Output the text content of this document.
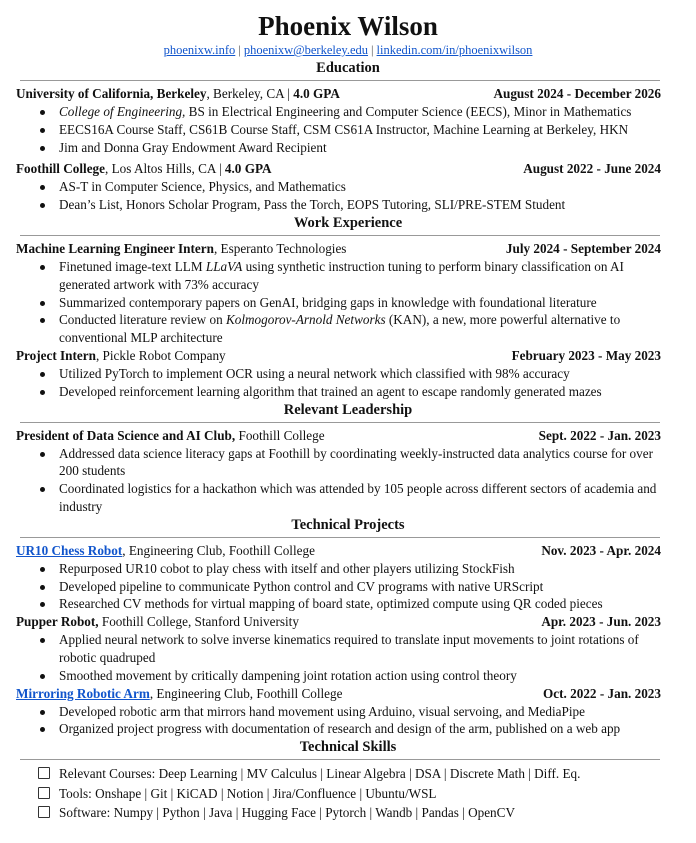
Phoenix Wilson
phoenixw.info | phoenixw@berkeley.edu | linkedin.com/in/phoenixwilson
Education
University of California, Berkeley, Berkeley, CA | 4.0 GPA	August 2024 - December 2026
College of Engineering, BS in Electrical Engineering and Computer Science (EECS), Minor in Mathematics
EECS16A Course Staff, CS61B Course Staff, CSM CS61A Instructor, Machine Learning at Berkeley, HKN
Jim and Donna Gray Endowment Award Recipient
Foothill College, Los Altos Hills, CA | 4.0 GPA	August 2022 - June 2024
AS-T in Computer Science, Physics, and Mathematics
Dean’s List, Honors Scholar Program, Pass the Torch, EOPS Tutoring, SLI/PRE-STEM Student
Work Experience
Machine Learning Engineer Intern, Esperanto Technologies	July 2024 - September 2024
Finetuned image-text LLM LLaVA using synthetic instruction tuning to perform binary classification on AI generated artwork with 73% accuracy
Summarized contemporary papers on GenAI, bridging gaps in knowledge with foundational literature
Conducted literature review on Kolmogorov-Arnold Networks (KAN), a new, more powerful alternative to conventional MLP architecture
Project Intern, Pickle Robot Company	February 2023 - May 2023
Utilized PyTorch to implement OCR using a neural network which classified with 98% accuracy
Developed reinforcement learning algorithm that trained an agent to escape randomly generated mazes
Relevant Leadership
President of Data Science and AI Club, Foothill College	Sept. 2022 - Jan. 2023
Addressed data science literacy gaps at Foothill by coordinating weekly-instructed data analytics course for over 200 students
Coordinated logistics for a hackathon which was attended by 105 people across different sectors of academia and industry
Technical Projects
UR10 Chess Robot, Engineering Club, Foothill College	Nov. 2023 - Apr. 2024
Repurposed UR10 cobot to play chess with itself and other players utilizing StockFish
Developed pipeline to communicate Python control and CV programs with native URScript
Researched CV methods for virtual mapping of board state, optimized compute using QR coded pieces
Pupper Robot, Foothill College, Stanford University	Apr. 2023 - Jun. 2023
Applied neural network to solve inverse kinematics required to translate input movements to joint rotations of robotic quadruped
Smoothed movement by critically dampening joint rotation action using control theory
Mirroring Robotic Arm, Engineering Club, Foothill College	Oct. 2022 - Jan. 2023
Developed robotic arm that mirrors hand movement using Arduino, visual servoing, and MediaPipe
Organized project progress with documentation of research and design of the arm, published on a web app
Technical Skills
Relevant Courses: Deep Learning | MV Calculus | Linear Algebra | DSA | Discrete Math | Diff. Eq.
Tools: Onshape | Git | KiCAD | Notion | Jira/Confluence | Ubuntu/WSL
Software: Numpy | Python | Java | Hugging Face | Pytorch | Wandb | Pandas | OpenCV
